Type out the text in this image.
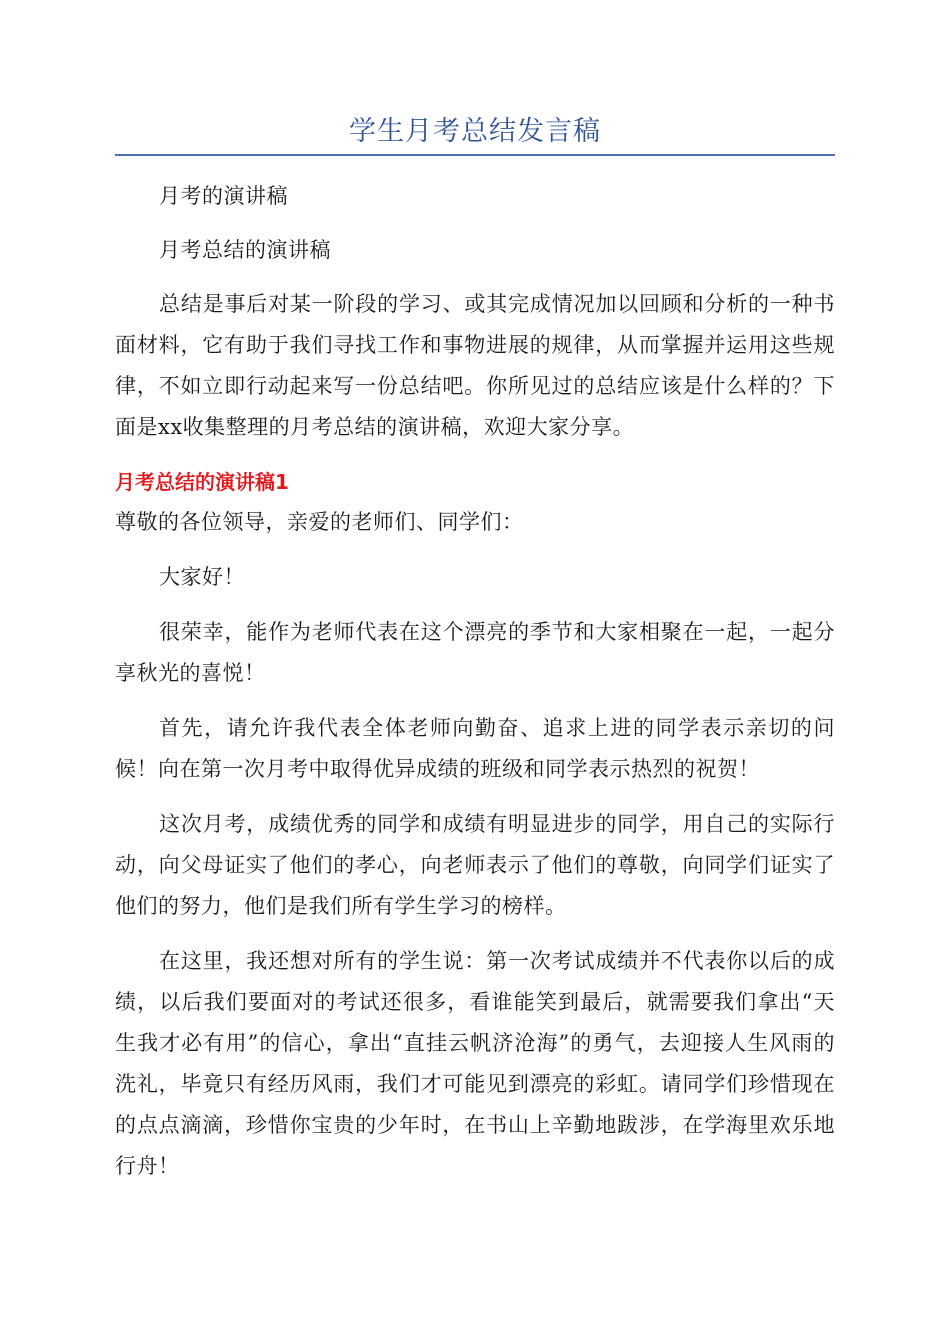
学生月考总结发言稿

月考的演讲稿

月考总结的演讲稿

总结是事后对某一阶段的学习、或其完成情况加以回顾和分析的一种书面材料，它有助于我们寻找工作和事物进展的规律，从而掌握并运用这些规律，不如立即行动起来写一份总结吧。你所见过的总结应该是什么样的？下面是xx收集整理的月考总结的演讲稿，欢迎大家分享。

月考总结的演讲稿1

尊敬的各位领导，亲爱的老师们、同学们：

大家好！

很荣幸，能作为老师代表在这个漂亮的季节和大家相聚在一起，一起分享秋光的喜悦！

首先，请允许我代表全体老师向勤奋、追求上进的同学表示亲切的问候！向在第一次月考中取得优异成绩的班级和同学表示热烈的祝贺！

这次月考，成绩优秀的同学和成绩有明显进步的同学，用自己的实际行动，向父母证实了他们的孝心，向老师表示了他们的尊敬，向同学们证实了他们的努力，他们是我们所有学生学习的榜样。

在这里，我还想对所有的学生说：第一次考试成绩并不代表你以后的成绩，以后我们要面对的考试还很多，看谁能笑到最后，就需要我们拿出“天生我才必有用”的信心，拿出“直挂云帆济沧海”的勇气，去迎接人生风雨的洗礼，毕竟只有经历风雨，我们才可能见到漂亮的彩虹。请同学们珍惜现在的点点滴滴，珍惜你宝贵的少年时，在书山上辛勤地跋涉，在学海里欢乐地行舟！
